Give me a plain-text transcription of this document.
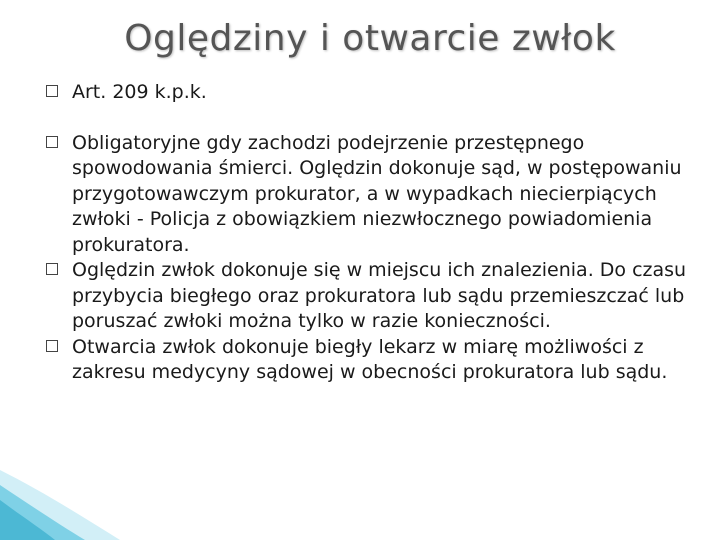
Oględziny i otwarcie zwłok
Art. 209 k.p.k.
Obligatoryjne gdy zachodzi podejrzenie przestępnego spowodowania śmierci. Oględzin dokonuje sąd, w postępowaniu przygotowawczym prokurator, a w wypadkach niecierpiących zwłoki - Policja z obowiązkiem niezwłocznego powiadomienia prokuratora.
Oględzin zwłok dokonuje się w miejscu ich znalezienia. Do czasu przybycia biegłego oraz prokuratora lub sądu przemieszczać lub poruszać zwłoki można tylko w razie konieczności.
Otwarcia zwłok dokonuje biegły lekarz w miarę możliwości z zakresu medycyny sądowej w obecności prokuratora lub sądu.
